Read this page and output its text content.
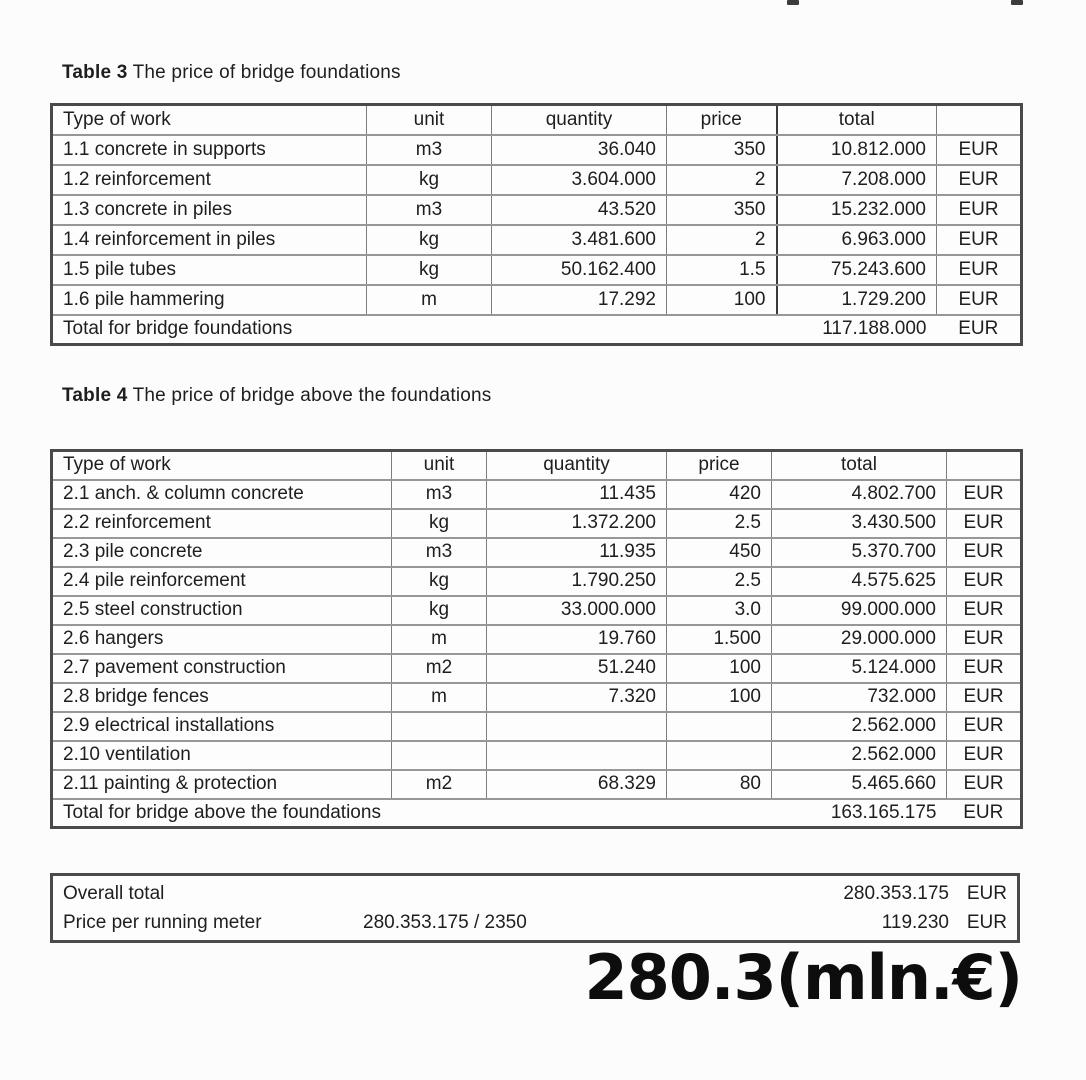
Table 3 The price of bridge foundations

Type of work	unit	quantity	price	total	
1.1 concrete in supports	m3	36.040	350	10.812.000	EUR
1.2 reinforcement	kg	3.604.000	2	7.208.000	EUR
1.3 concrete in piles	m3	43.520	350	15.232.000	EUR
1.4 reinforcement in piles	kg	3.481.600	2	6.963.000	EUR
1.5 pile tubes	kg	50.162.400	1.5	75.243.600	EUR
1.6 pile hammering	m	17.292	100	1.729.200	EUR
Total for bridge foundations				117.188.000	EUR

Table 4 The price of bridge above the foundations

Type of work	unit	quantity	price	total	
2.1 anch. & column concrete	m3	11.435	420	4.802.700	EUR
2.2 reinforcement	kg	1.372.200	2.5	3.430.500	EUR
2.3 pile concrete	m3	11.935	450	5.370.700	EUR
2.4 pile reinforcement	kg	1.790.250	2.5	4.575.625	EUR
2.5 steel construction	kg	33.000.000	3.0	99.000.000	EUR
2.6 hangers	m	19.760	1.500	29.000.000	EUR
2.7 pavement construction	m2	51.240	100	5.124.000	EUR
2.8 bridge fences	m	7.320	100	732.000	EUR
2.9 electrical installations				2.562.000	EUR
2.10 ventilation				2.562.000	EUR
2.11 painting & protection	m2	68.329	80	5.465.660	EUR
Total for bridge above the foundations				163.165.175	EUR
Overall total	280.353.175 EUR
Price per running meter	280.353.175 / 2350	119.230 EUR
280.3(mln.€)
